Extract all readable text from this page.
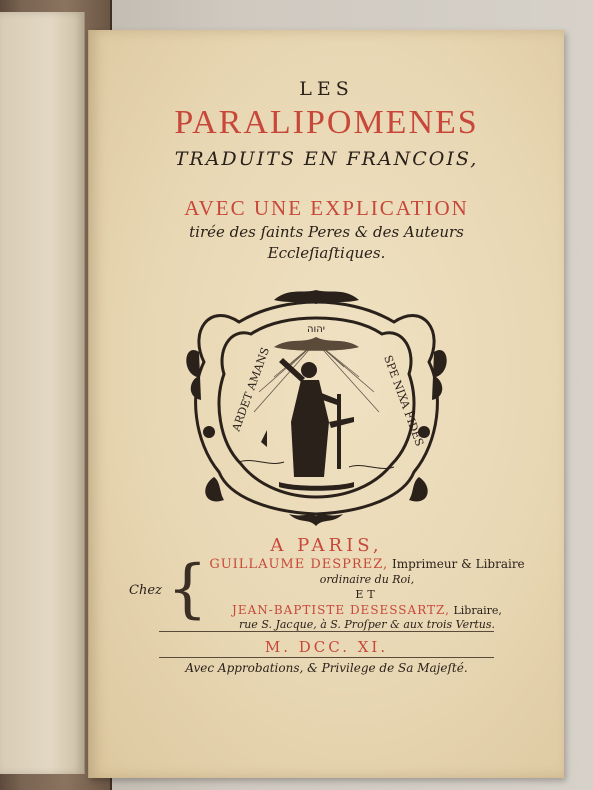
LES
PARALIPOMENES
TRADUITS EN FRANCOIS,
AVEC UNE EXPLICATION
tirée des ſaints Peres & des Auteurs
Eccleſiaſtiques.
ARDET AMANS	SPE NIXA FIDES
יהוה
A PARIS,
Chez { GUILLAUME DESPREZ, Imprimeur & Libraire
ordinaire du Roi,
ET
JEAN-BAPTISTE DESESSARTZ, Libraire,
rue S. Jacque, à S. Proſper & aux trois Vertus.
M. DCC. XI.
Avec Approbations, & Privilege de Sa Majeſté.
